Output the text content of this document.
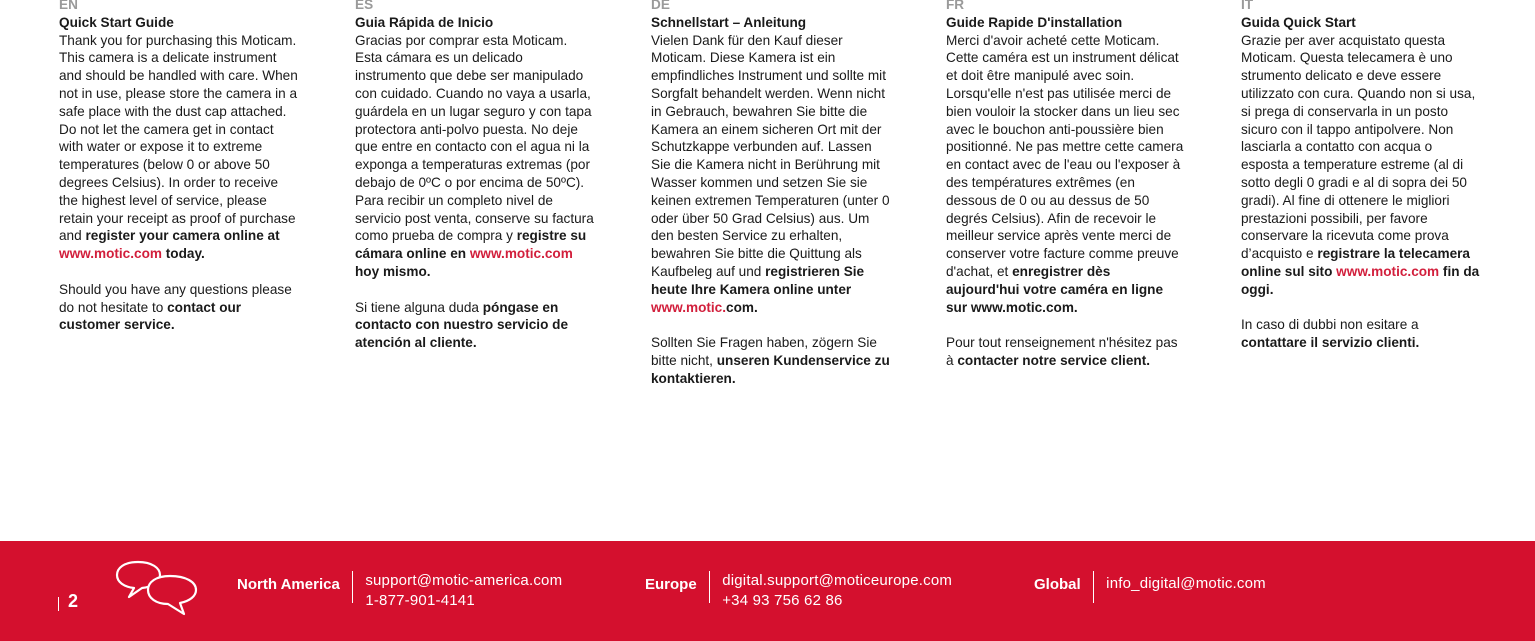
EN
Quick Start Guide

Thank you for purchasing this Moticam. This camera is a delicate instrument and should be handled with care. When not in use, please store the camera in a safe place with the dust cap attached. Do not let the camera get in contact with water or expose it to extreme temperatures (below 0 or above 50 degrees Celsius). In order to receive the highest level of service, please retain your receipt as proof of purchase and register your camera online at www.motic.com today.

Should you have any questions please do not hesitate to contact our customer service.

ES
Guia Rápida de Inicio

Gracias por comprar esta Moticam. Esta cámara es un delicado instrumento que debe ser manipulado con cuidado. Cuando no vaya a usarla, guárdela en un lugar seguro y con tapa protectora anti-polvo puesta. No deje que entre en contacto con el agua ni la exponga a temperaturas extremas (por debajo de 0ºC o por encima de 50ºC). Para recibir un completo nivel de servicio post venta, conserve su factura como prueba de compra y registre su cámara online en www.motic.com hoy mismo.

Si tiene alguna duda póngase en contacto con nuestro servicio de atención al cliente.

DE
Schnellstart – Anleitung

Vielen Dank für den Kauf dieser Moticam. Diese Kamera ist ein empfindliches Instrument und sollte mit Sorgfalt behandelt werden. Wenn nicht in Gebrauch, bewahren Sie bitte die Kamera an einem sicheren Ort mit der Schutzkappe verbunden auf. Lassen Sie die Kamera nicht in Berührung mit Wasser kommen und setzen Sie sie keinen extremen Temperaturen (unter 0 oder über 50 Grad Celsius) aus. Um den besten Service zu erhalten, bewahren Sie bitte die Quittung als Kaufbeleg auf und registrieren Sie heute Ihre Kamera online unter www.motic.com.

Sollten Sie Fragen haben, zögern Sie bitte nicht, unseren Kundenservice zu kontaktieren.

FR
Guide Rapide D'installation

Merci d'avoir acheté cette Moticam. Cette caméra est un instrument délicat et doit être manipulé avec soin. Lorsqu'elle n'est pas utilisée merci de bien vouloir la stocker dans un lieu sec avec le bouchon anti-poussière bien positionné. Ne pas mettre cette camera en contact avec de l'eau ou l'exposer à des températures extrêmes (en dessous de 0 ou au dessus de 50 degrés Celsius). Afin de recevoir le meilleur service après vente merci de conserver votre facture comme preuve d'achat, et enregistrer dès aujourd'hui votre caméra en ligne sur www.motic.com.

Pour tout renseignement n'hésitez pas à contacter notre service client.

IT
Guida Quick Start

Grazie per aver acquistato questa Moticam. Questa telecamera è uno strumento delicato e deve essere utilizzato con cura. Quando non si usa, si prega di conservarla in un posto sicuro con il tappo antipolvere. Non lasciarla a contatto con acqua o esposta a temperature estreme (al di sotto degli 0 gradi e al di sopra dei 50 gradi). Al fine di ottenere le migliori prestazioni possibili, per favore conservare la ricevuta come prova d’acquisto e registrare la telecamera online sul sito www.motic.com fin da oggi.

In caso di dubbi non esitare a contattare il servizio clienti.

2
North America support@motic-america.com
1-877-901-4141
Europe digital.support@moticeurope.com
+34 93 756 62 86
Global info_digital@motic.com
